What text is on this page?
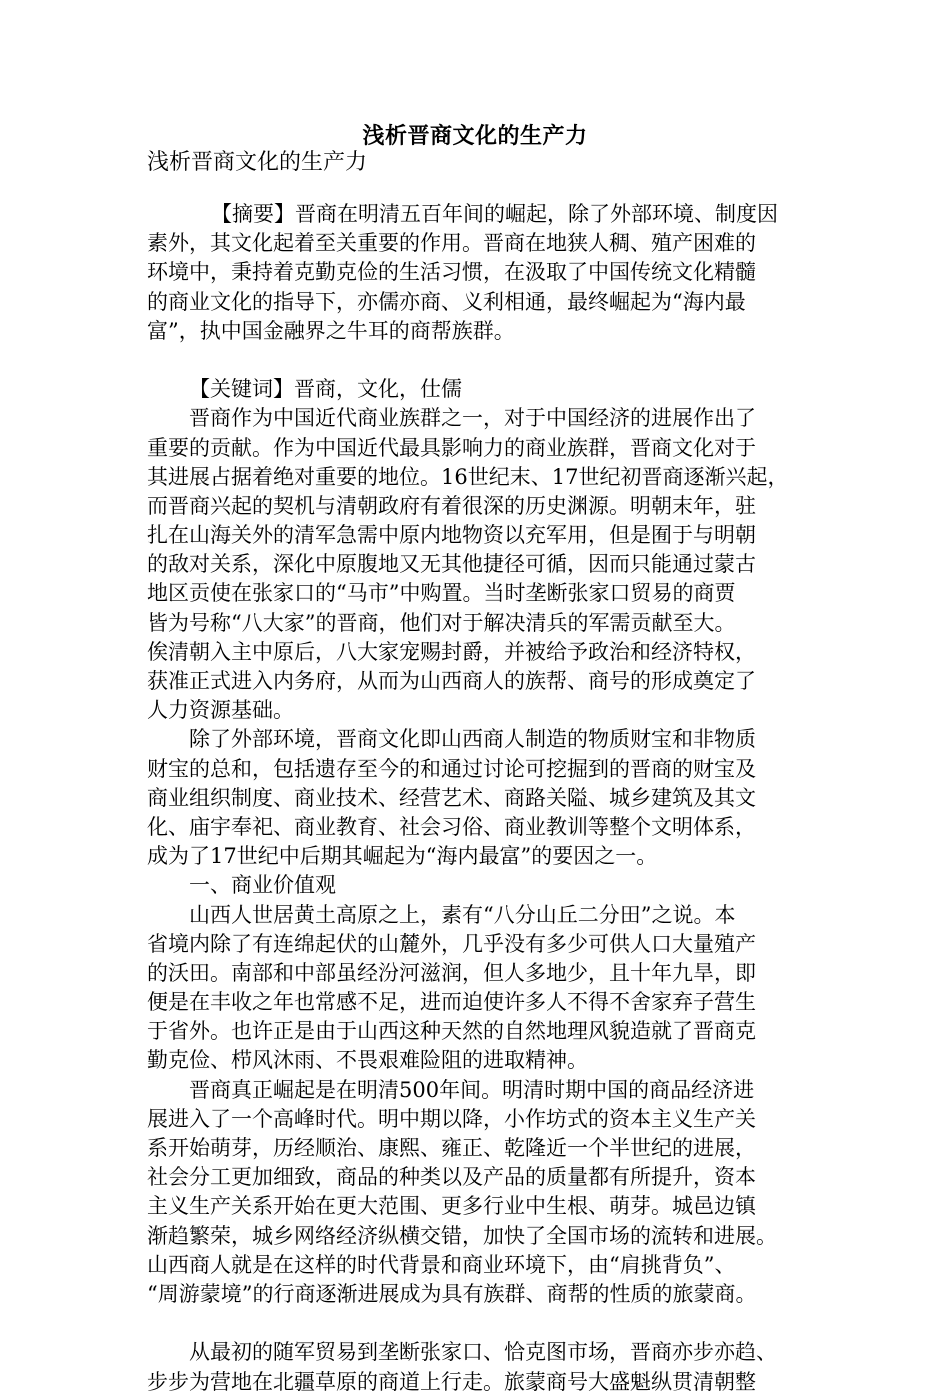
浅析晋商文化的生产力
浅析晋商文化的生产力
【摘要】晋商在明清五百年间的崛起，除了外部环境、制度因
素外，其文化起着至关重要的作用。晋商在地狭人稠、殖产困难的
环境中，秉持着克勤克俭的生活习惯，在汲取了中国传统文化精髓
的商业文化的指导下，亦儒亦商、义利相通，最终崛起为“海内最
富”，执中国金融界之牛耳的商帮族群。
【关键词】晋商，文化，仕儒
晋商作为中国近代商业族群之一，对于中国经济的进展作出了
重要的贡献。作为中国近代最具影响力的商业族群，晋商文化对于
其进展占据着绝对重要的地位。16世纪末、17世纪初晋商逐渐兴起，
而晋商兴起的契机与清朝政府有着很深的历史渊源。明朝末年，驻
扎在山海关外的清军急需中原内地物资以充军用，但是囿于与明朝
的敌对关系，深化中原腹地又无其他捷径可循，因而只能通过蒙古
地区贡使在张家口的“马市”中购置。当时垄断张家口贸易的商贾
皆为号称“八大家”的晋商，他们对于解决清兵的军需贡献至大。
俟清朝入主中原后，八大家宠赐封爵，并被给予政治和经济特权，
获准正式进入内务府，从而为山西商人的族帮、商号的形成奠定了
人力资源基础。
除了外部环境，晋商文化即山西商人制造的物质财宝和非物质
财宝的总和，包括遗存至今的和通过讨论可挖掘到的晋商的财宝及
商业组织制度、商业技术、经营艺术、商路关隘、城乡建筑及其文
化、庙宇奉祀、商业教育、社会习俗、商业教训等整个文明体系，
成为了17世纪中后期其崛起为“海内最富”的要因之一。
一、商业价值观
山西人世居黄土高原之上，素有“八分山丘二分田”之说。本
省境内除了有连绵起伏的山麓外，几乎没有多少可供人口大量殖产
的沃田。南部和中部虽经汾河滋润，但人多地少，且十年九旱，即
便是在丰收之年也常感不足，进而迫使许多人不得不舍家弃子营生
于省外。也许正是由于山西这种天然的自然地理风貌造就了晋商克
勤克俭、栉风沐雨、不畏艰难险阻的进取精神。
晋商真正崛起是在明清500年间。明清时期中国的商品经济进
展进入了一个高峰时代。明中期以降，小作坊式的资本主义生产关
系开始萌芽，历经顺治、康熙、雍正、乾隆近一个半世纪的进展，
社会分工更加细致，商品的种类以及产品的质量都有所提升，资本
主义生产关系开始在更大范围、更多行业中生根、萌芽。城邑边镇
渐趋繁荣，城乡网络经济纵横交错，加快了全国市场的流转和进展。
山西商人就是在这样的时代背景和商业环境下，由“肩挑背负”、
“周游蒙境”的行商逐渐进展成为具有族群、商帮的性质的旅蒙商。
从最初的随军贸易到垄断张家口、恰克图市场，晋商亦步亦趋、
步步为营地在北疆草原的商道上行走。旅蒙商号大盛魁纵贯清朝整
